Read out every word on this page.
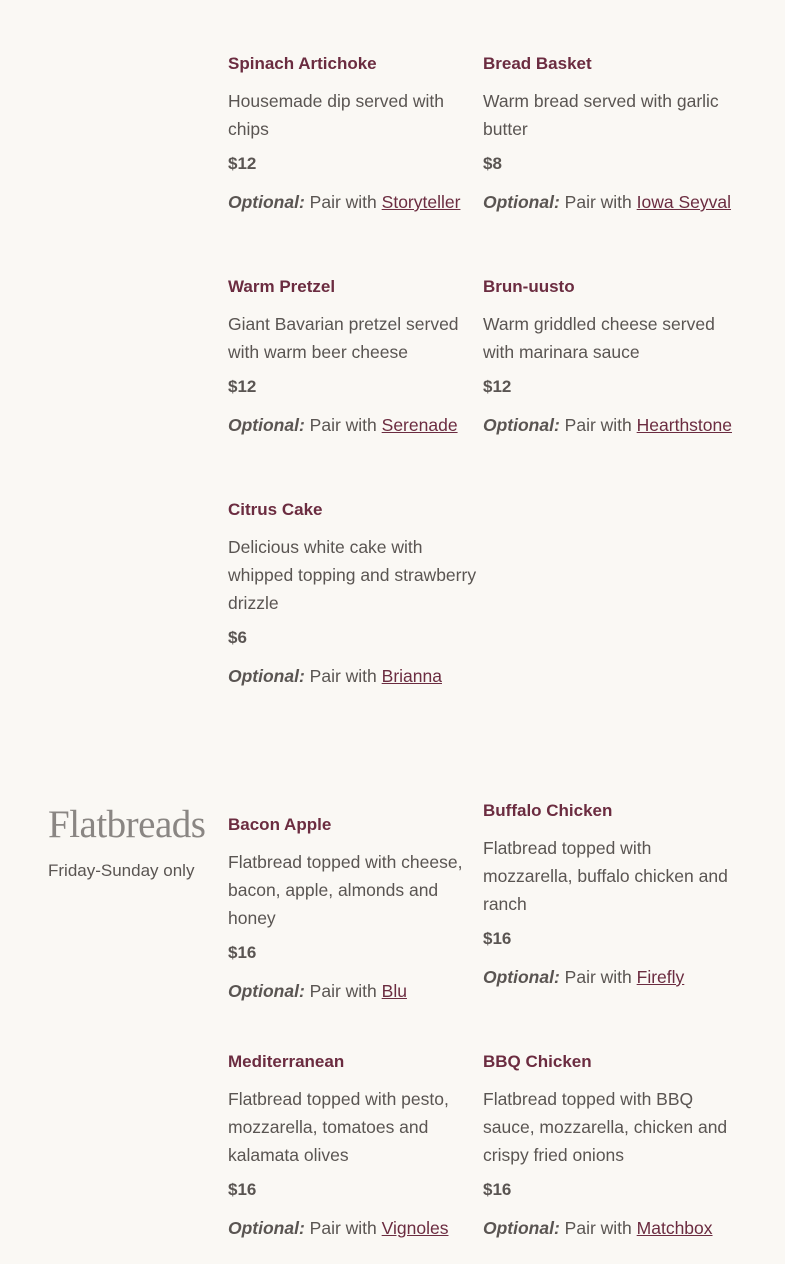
Spinach Artichoke

Housemade dip served with chips

$12

Optional: Pair with Storyteller

Bread Basket

Warm bread served with garlic butter

$8

Optional: Pair with Iowa Seyval

Warm Pretzel

Giant Bavarian pretzel served with warm beer cheese

$12

Optional: Pair with Serenade

Brun-uusto

Warm griddled cheese served with marinara sauce

$12

Optional: Pair with Hearthstone

Citrus Cake

Delicious white cake with whipped topping and strawberry drizzle

$6

Optional: Pair with Brianna

Flatbreads

Friday-Sunday only

Bacon Apple

Flatbread topped with cheese, bacon, apple, almonds and honey

$16

Optional: Pair with Blu

Buffalo Chicken

Flatbread topped with mozzarella, buffalo chicken and ranch

$16

Optional: Pair with Firefly

Mediterranean

Flatbread topped with pesto, mozzarella, tomatoes and kalamata olives

$16

Optional: Pair with Vignoles

BBQ Chicken

Flatbread topped with BBQ sauce, mozzarella, chicken and crispy fried onions

$16

Optional: Pair with Matchbox
